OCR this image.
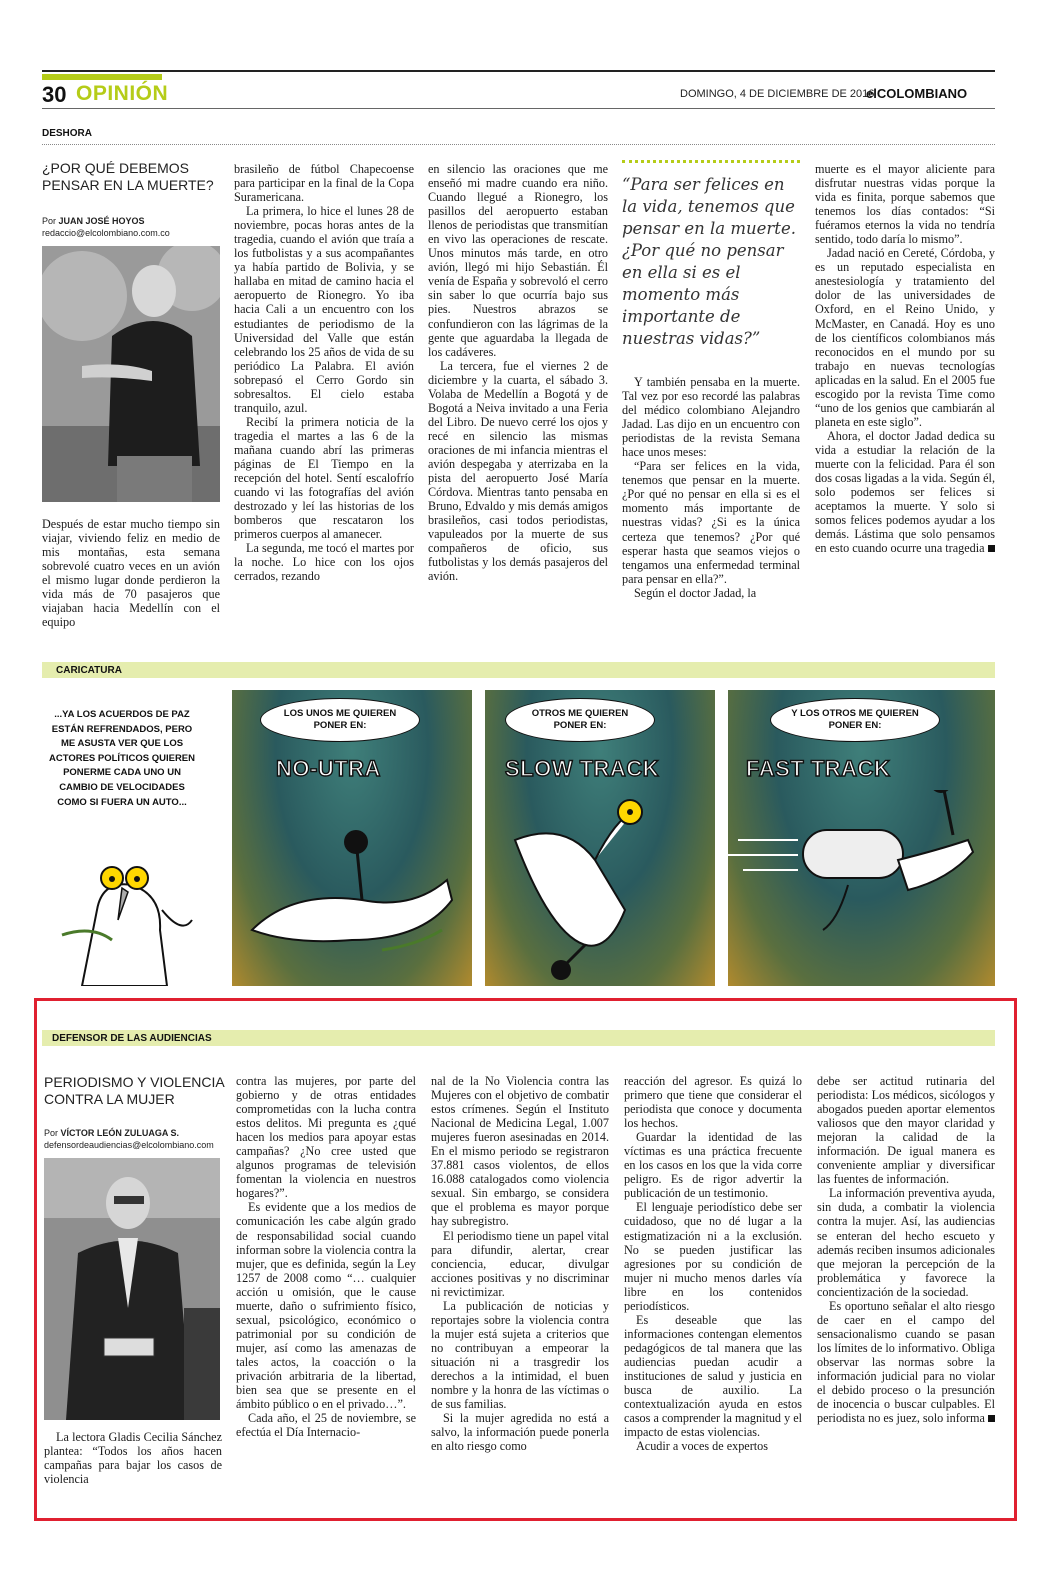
30 OPINIÓN	DOMINGO, 4 DE DICIEMBRE DE 2016
elCOLOMBIANO
DESHORA
¿POR QUÉ DEBEMOS PENSAR EN LA MUERTE?
Por JUAN JOSÉ HOYOS
redaccio@elcolombiano.com.co

Después de estar mucho tiempo sin viajar, viviendo feliz en medio de mis montañas, esta semana sobrevolé cuatro veces en un avión el mismo lugar donde perdieron la vida más de 70 pasajeros que viajaban hacia Medellín con el equipo

brasileño de fútbol Chapecoense para participar en la final de la Copa Suramericana.

La primera, lo hice el lunes 28 de noviembre, pocas horas antes de la tragedia, cuando el avión que traía a los futbolistas y a sus acompañantes ya había partido de Bolivia, y se hallaba en mitad de camino hacia el aeropuerto de Rionegro. Yo iba hacia Cali a un encuentro con los estudiantes de periodismo de la Universidad del Valle que están celebrando los 25 años de vida de su periódico La Palabra. El avión sobrepasó el Cerro Gordo sin sobresaltos. El cielo estaba tranquilo, azul.

Recibí la primera noticia de la tragedia el martes a las 6 de la mañana cuando abrí las primeras páginas de El Tiempo en la recepción del hotel. Sentí escalofrío cuando vi las fotografías del avión destrozado y leí las historias de los bomberos que rescataron los primeros cuerpos al amanecer.

La segunda, me tocó el martes por la noche. Lo hice con los ojos cerrados, rezando

en silencio las oraciones que me enseñó mi madre cuando era niño. Cuando llegué a Rionegro, los pasillos del aeropuerto estaban llenos de periodistas que transmitían en vivo las operaciones de rescate. Unos minutos más tarde, en otro avión, llegó mi hijo Sebastián. Él venía de España y sobrevoló el cerro sin saber lo que ocurría bajo sus pies. Nuestros abrazos se confundieron con las lágrimas de la gente que aguardaba la llegada de los cadáveres.

La tercera, fue el viernes 2 de diciembre y la cuarta, el sábado 3. Volaba de Medellín a Bogotá y de Bogotá a Neiva invitado a una Feria del Libro. De nuevo cerré los ojos y recé en silencio las mismas oraciones de mi infancia mientras el avión despegaba y aterrizaba en la pista del aeropuerto José María Córdova. Mientras tanto pensaba en Bruno, Edvaldo y mis demás amigos brasileños, casi todos periodistas, vapuleados por la muerte de sus compañeros de oficio, sus futbolistas y los demás pasajeros del avión.

“Para ser felices en la vida, tenemos que pensar en la muerte. ¿Por qué no pensar en ella si es el momento más importante de nuestras vidas?”

Y también pensaba en la muerte. Tal vez por eso recordé las palabras del médico colombiano Alejandro Jadad. Las dijo en un encuentro con periodistas de la revista Semana hace unos meses:

“Para ser felices en la vida, tenemos que pensar en la muerte. ¿Por qué no pensar en ella si es el momento más importante de nuestras vidas? ¿Si es la única certeza que tenemos? ¿Por qué esperar hasta que seamos viejos o tengamos una enfermedad terminal para pensar en ella?”.

Según el doctor Jadad, la

muerte es el mayor aliciente para disfrutar nuestras vidas porque la vida es finita, porque sabemos que tenemos los días contados: “Si fuéramos eternos la vida no tendría sentido, todo daría lo mismo”.

Jadad nació en Cereté, Córdoba, y es un reputado especialista en anestesiología y tratamiento del dolor de las universidades de Oxford, en el Reino Unido, y McMaster, en Canadá. Hoy es uno de los científicos colombianos más reconocidos en el mundo por su trabajo en nuevas tecnologías aplicadas en la salud. En el 2005 fue escogido por la revista Time como “uno de los genios que cambiarán al planeta en este siglo”.

Ahora, el doctor Jadad dedica su vida a estudiar la relación de la muerte con la felicidad. Para él son dos cosas ligadas a la vida. Según él, solo podemos ser felices si aceptamos la muerte. Y solo si somos felices podemos ayudar a los demás. Lástima que solo pensamos en esto cuando ocurre una tragedia

CARICATURA
...YA LOS ACUERDOS DE PAZ ESTÁN REFRENDADOS, PERO ME ASUSTA VER QUE LOS ACTORES POLÍTICOS QUIEREN PONERME CADA UNO UN CAMBIO DE VELOCIDADES COMO SI FUERA UN AUTO...
LOS UNOS ME QUIEREN PONER EN:
NO-UTRA
OTROS ME QUIEREN PONER EN:
SLOW TRACK
Y LOS OTROS ME QUIEREN PONER EN:
FAST TRACK
DEFENSOR DE LAS AUDIENCIAS
PERIODISMO Y VIOLENCIA CONTRA LA MUJER
Por VÍCTOR LEÓN ZULUAGA S.
defensordeaudiencias@elcolombiano.com

La lectora Gladis Cecilia Sánchez plantea: “Todos los años hacen campañas para bajar los casos de violencia

contra las mujeres, por parte del gobierno y de otras entidades comprometidas con la lucha contra estos delitos. Mi pregunta es ¿qué hacen los medios para apoyar estas campañas? ¿No cree usted que algunos programas de televisión fomentan la violencia en nuestros hogares?”.

Es evidente que a los medios de comunicación les cabe algún grado de responsabilidad social cuando informan sobre la violencia contra la mujer, que es definida, según la Ley 1257 de 2008 como “… cualquier acción u omisión, que le cause muerte, daño o sufrimiento físico, sexual, psicológico, económico o patrimonial por su condición de mujer, así como las amenazas de tales actos, la coacción o la privación arbitraria de la libertad, bien sea que se presente en el ámbito público o en el privado…”.

Cada año, el 25 de noviembre, se efectúa el Día Internacio-

nal de la No Violencia contra las Mujeres con el objetivo de combatir estos crímenes. Según el Instituto Nacional de Medicina Legal, 1.007 mujeres fueron asesinadas en 2014. En el mismo periodo se registraron 37.881 casos violentos, de ellos 16.088 catalogados como violencia sexual. Sin embargo, se considera que el problema es mayor porque hay subregistro.

El periodismo tiene un papel vital para difundir, alertar, crear conciencia, educar, divulgar acciones positivas y no discriminar ni revictimizar.

La publicación de noticias y reportajes sobre la violencia contra la mujer está sujeta a criterios que no contribuyan a empeorar la situación ni a trasgredir los derechos a la intimidad, el buen nombre y la honra de las víctimas o de sus familias.

Si la mujer agredida no está a salvo, la información puede ponerla en alto riesgo como

reacción del agresor. Es quizá lo primero que tiene que considerar el periodista que conoce y documenta los hechos.

Guardar la identidad de las víctimas es una práctica frecuente en los casos en los que la vida corre peligro. Es de rigor advertir la publicación de un testimonio.

El lenguaje periodístico debe ser cuidadoso, que no dé lugar a la estigmatización ni a la exclusión. No se pueden justificar las agresiones por su condición de mujer ni mucho menos darles vía libre en los contenidos periodísticos.

Es deseable que las informaciones contengan elementos pedagógicos de tal manera que las audiencias puedan acudir a instituciones de salud y justicia en busca de auxilio. La contextualización ayuda en estos casos a comprender la magnitud y el impacto de estas violencias.

Acudir a voces de expertos

debe ser actitud rutinaria del periodista: Los médicos, sicólogos y abogados pueden aportar elementos valiosos que den mayor claridad y mejoran la calidad de la información. De igual manera es conveniente ampliar y diversificar las fuentes de información.

La información preventiva ayuda, sin duda, a combatir la violencia contra la mujer. Así, las audiencias se enteran del hecho escueto y además reciben insumos adicionales que mejoran la percepción de la problemática y favorece la concientización de la sociedad.

Es oportuno señalar el alto riesgo de caer en el campo del sensacionalismo cuando se pasan los límites de lo informativo. Obliga observar las normas sobre la información judicial para no violar el debido proceso o la presunción de inocencia o buscar culpables. El periodista no es juez, solo informa
